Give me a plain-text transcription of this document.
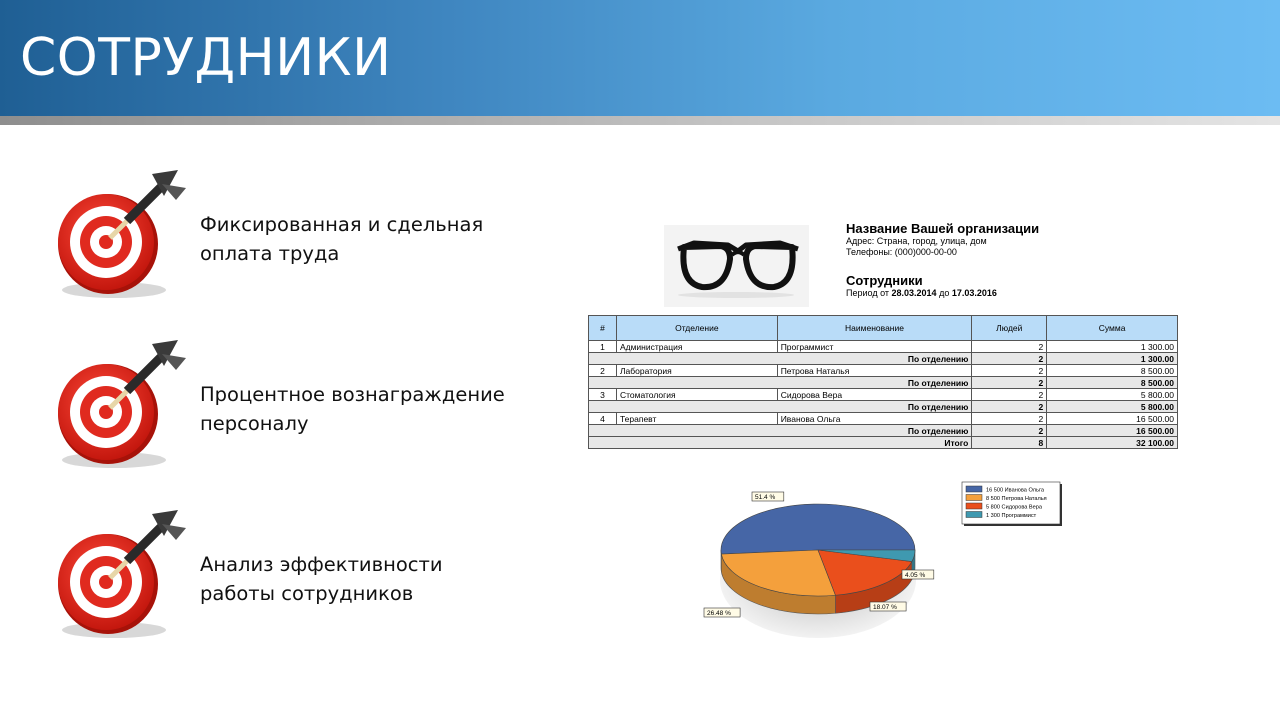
СОТРУДНИКИ
Фиксированная и сдельная
оплата труда
Процентное вознаграждение
персоналу
Анализ эффективности
работы сотрудников
Название Вашей организации
Адрес: Страна, город, улица, дом
Телефоны: (000)000-00-00
Сотрудники
Период от 28.03.2014 до 17.03.2016
#	Отделение	Наименование	Людей	Сумма
1	Администрация	Программист	2	1 300.00
По отделению			2	1 300.00
2	Лаборатория	Петрова Наталья	2	8 500.00
По отделению			2	8 500.00
3	Стоматология	Сидорова Вера	2	5 800.00
По отделению			2	5 800.00
4	Терапевт	Иванова Ольга	2	16 500.00
По отделению			2	16 500.00
Итого			8	32 100.00
51.4 %
26.48 %
18.07 %
4.05 %
16 500 Иванова Ольга
8 500 Петрова Наталья
5 800 Сидорова Вера
1 300 Программист
